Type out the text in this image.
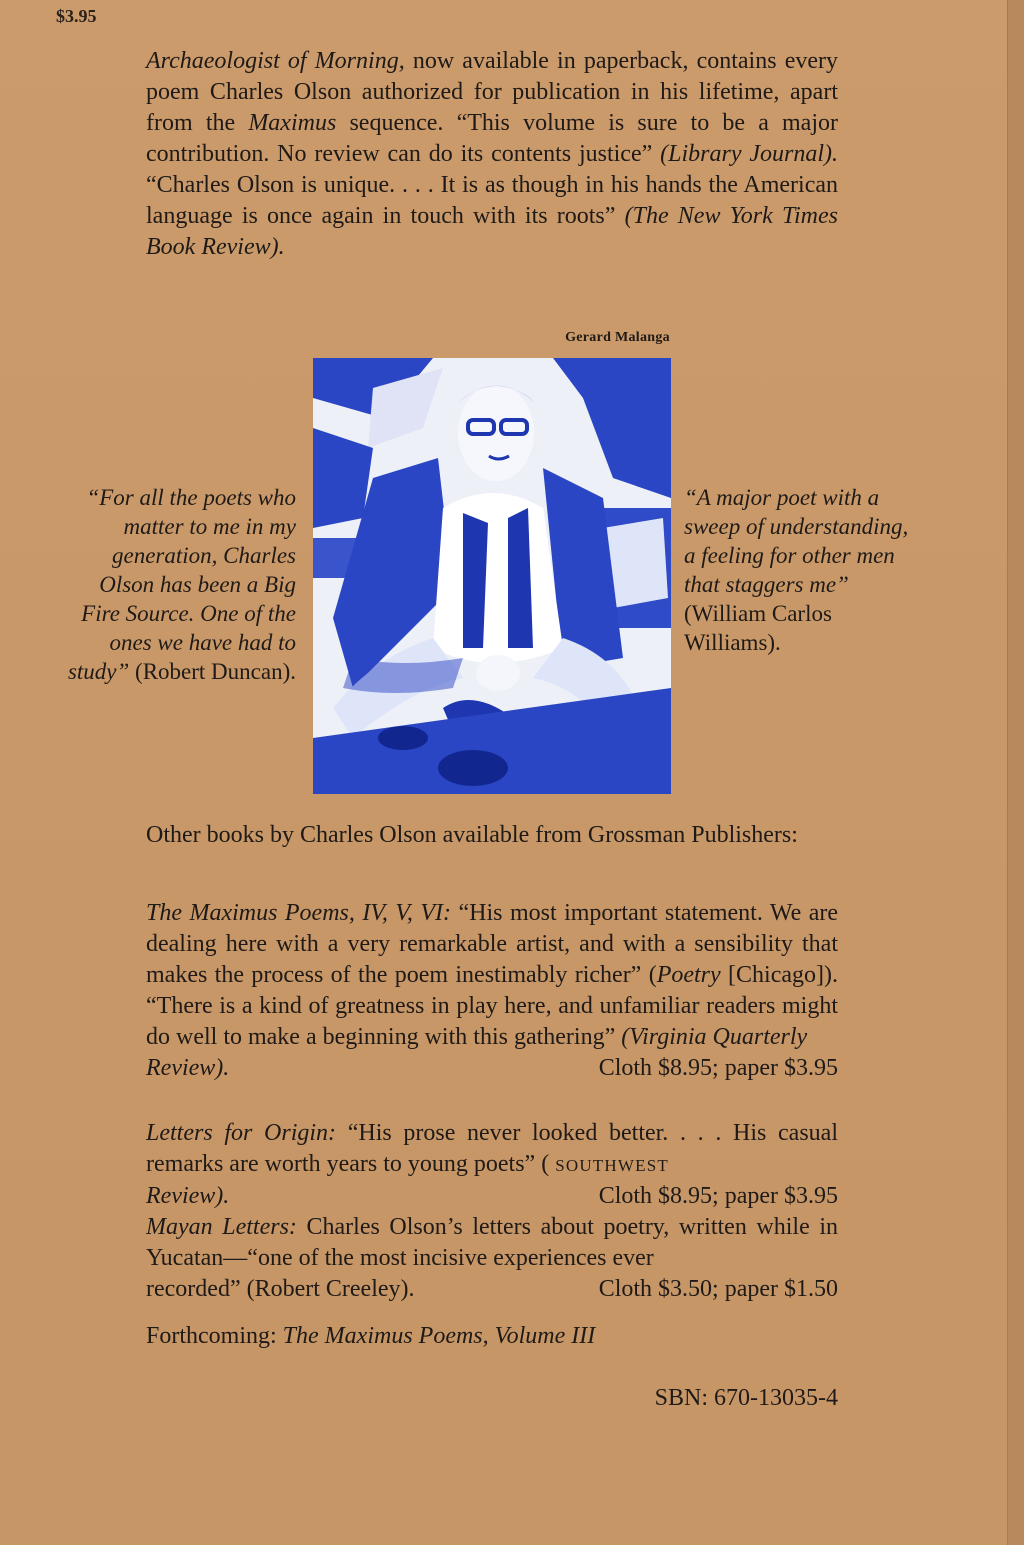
$3.95
Archaeologist of Morning, now available in paperback, contains every poem Charles Olson authorized for publication in his lifetime, apart from the Maximus sequence. “This volume is sure to be a major contribution. No review can do its contents justice” (Library Journal). “Charles Olson is unique. . . . It is as though in his hands the American language is once again in touch with its roots” (The New York Times Book Review).
Gerard Malanga
“For all the poets who matter to me in my generation, Charles Olson has been a Big Fire Source. One of the ones we have had to study” (Robert Duncan).
“A major poet with a sweep of understanding, a feeling for other men that staggers me” (William Carlos Williams).
Other books by Charles Olson available from Grossman Publishers:
The Maximus Poems, IV, V, VI: “His most important statement. We are dealing here with a very remarkable artist, and with a sensibility that makes the process of the poem inestimably richer” (Poetry [Chicago]). “There is a kind of greatness in play here, and unfamiliar readers might do well to make a beginning with this gathering” (Virginia Quarterly
Review).	Cloth $8.95; paper $3.95
Letters for Origin: “His prose never looked better. . . . His casual remarks are worth years to young poets” ( SOUTHWEST
Review).	Cloth $8.95; paper $3.95
Mayan Letters: Charles Olson’s letters about poetry, written while in Yucatan—“one of the most incisive experiences ever
recorded” (Robert Creeley).	Cloth $3.50; paper $1.50
Forthcoming: The Maximus Poems, Volume III
SBN: 670-13035-4
